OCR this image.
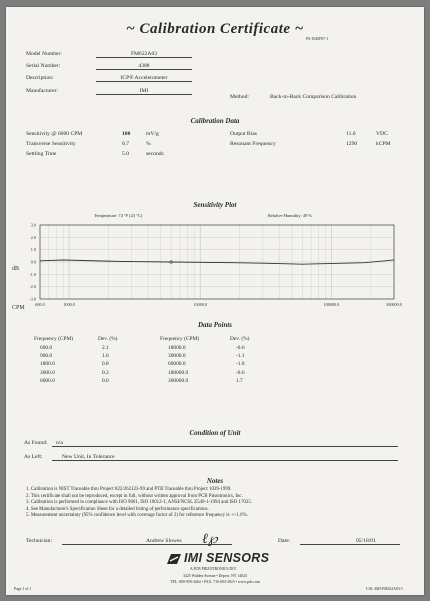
~ Calibration Certificate ~
PS-1040F07-1
Model Number:	FM622A03
Serial Number:	4388
Description:	ICP® Accelerometer
Manufacturer:	IMI
Method:	Back-to-Back Comparison Calibration
Calibration Data
Sensitivity @ 6000 CPM	100	mV/g
Transverse Sensitivity	0.7	%
Settling Time	5.0	seconds
Output Bias	11.0	VDC
Resonant Frequency	1290	kCPM
Sensitivity Plot
Temperature: 74 °F (23 °C)	Relative Humidity: 49 %
3.0
2.0
1.0
0.0
-1.0
-2.0
-3.0
600.0	1000.0	10000.0	100000.0	300000.0
dB
CPM
Data Points
Frequency (CPM)	Dev. (%)	Frequency (CPM)	Dev. (%)
600.0	2.1	18000.0	-0.6
900.0	1.6	30000.0	-1.1
1800.0	0.8	60000.0	-1.8
3000.0	0.3	180000.0	-0.6
6000.0	0.0	300000.0	1.7
Condition of Unit
As Found: n/a
As Left:	New Unit, In Tolerance
Notes
1. Calibration is NIST Traceable thru Project 822/262123-99 and PTB Traceable thru Project 1039-1999.
2. This certificate shall not be reproduced, except in full, without written approval from PCB Piezotronics, Inc.
3. Calibration is performed in compliance with ISO 9001, ISO 10012-1, ANSI/NCSL Z540-1-1994 and ISO 17025.
4. See Manufacturer's Specification Sheet for a detailed listing of performance specifications.
5. Measurement uncertainty (95% confidence level with coverage factor of 2) for reference frequency is +/-1.6%.
Technician:	Andrew Slowes ℓ℘	Date:	05/18/01
IMI SENSORS
A PCB PIEZOTRONICS DIV.
3425 Walden Avenue • Depew, NY 14043
TEL: 800-959-4464 • FAX: 716-684-3823 • www.pcb.com
Page 1 of 1	CAL-IMI-FM622A03-1
